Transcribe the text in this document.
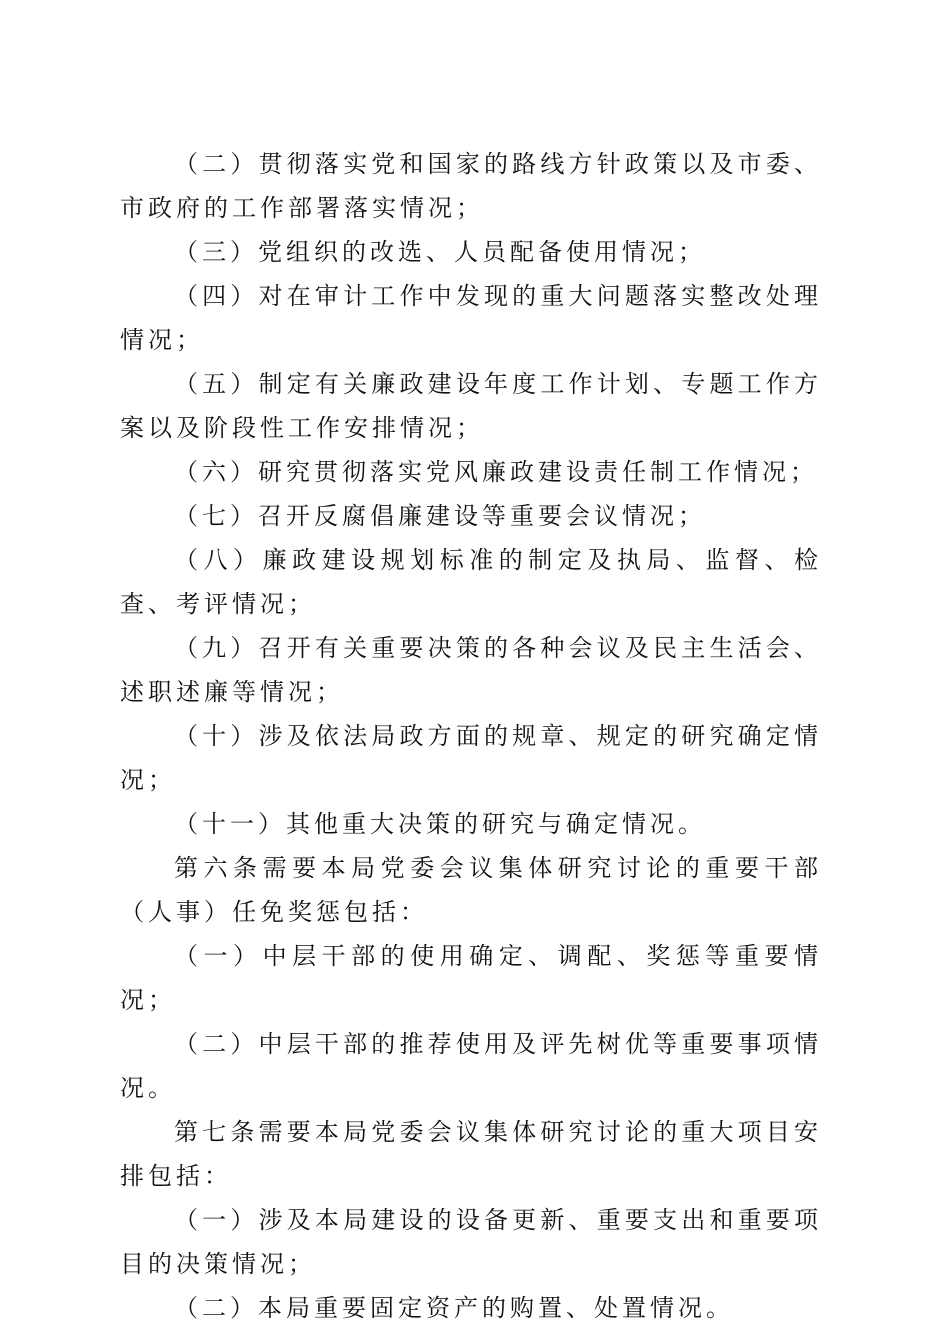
（二）贯彻落实党和国家的路线方针政策以及市委、市政府的工作部署落实情况；

（三）党组织的改选、人员配备使用情况；

（四）对在审计工作中发现的重大问题落实整改处理情况；

（五）制定有关廉政建设年度工作计划、专题工作方案以及阶段性工作安排情况；

（六）研究贯彻落实党风廉政建设责任制工作情况；

（七）召开反腐倡廉建设等重要会议情况；

（八）廉政建设规划标准的制定及执局、监督、检查、考评情况；

（九）召开有关重要决策的各种会议及民主生活会、述职述廉等情况；

（十）涉及依法局政方面的规章、规定的研究确定情况；

（十一）其他重大决策的研究与确定情况。

第六条需要本局党委会议集体研究讨论的重要干部（人事）任免奖惩包括：

（一）中层干部的使用确定、调配、奖惩等重要情况；

（二）中层干部的推荐使用及评先树优等重要事项情况。

第七条需要本局党委会议集体研究讨论的重大项目安排包括：

（一）涉及本局建设的设备更新、重要支出和重要项目的决策情况；

（二）本局重要固定资产的购置、处置情况。
